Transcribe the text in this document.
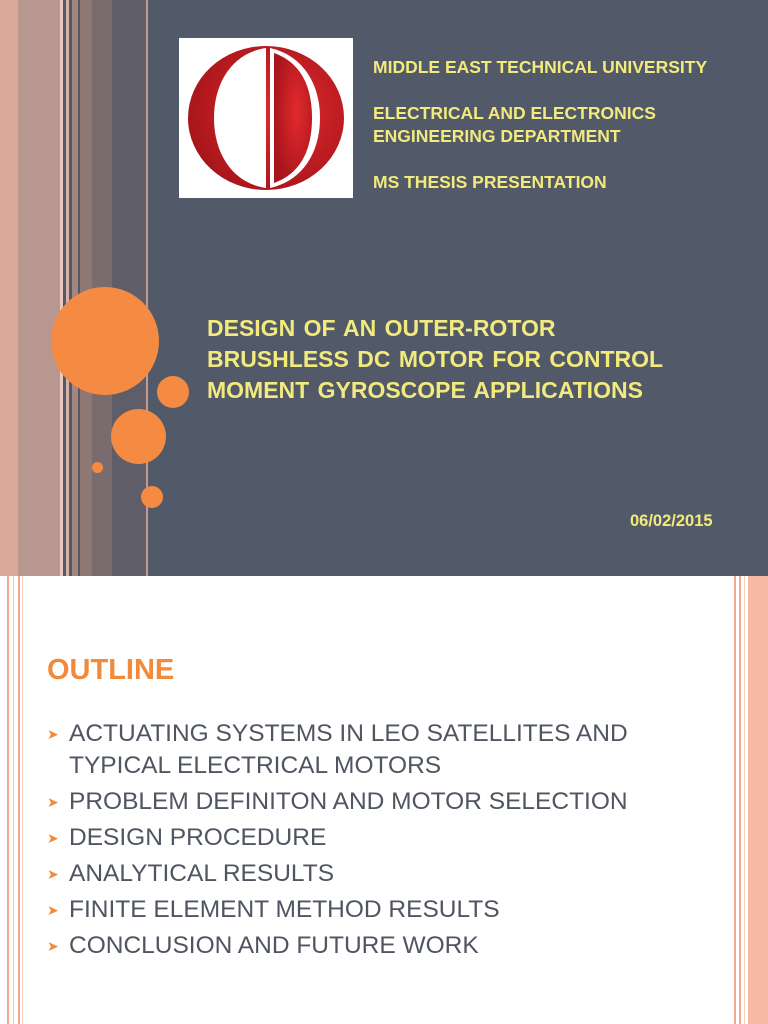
MIDDLE EAST TECHNICAL UNIVERSITY
ELECTRICAL AND ELECTRONICS
ENGINEERING DEPARTMENT
MS THESIS PRESENTATION
DESIGN OF AN OUTER-ROTOR
BRUSHLESS DC MOTOR FOR CONTROL
MOMENT GYROSCOPE APPLICATIONS
06/02/2015
OUTLINE
➤ ACTUATING SYSTEMS IN LEO SATELLITES AND
TYPICAL ELECTRICAL MOTORS
➤ PROBLEM DEFINITON AND MOTOR SELECTION
➤ DESIGN PROCEDURE
➤ ANALYTICAL RESULTS
➤ FINITE ELEMENT METHOD RESULTS
➤ CONCLUSION AND FUTURE WORK
